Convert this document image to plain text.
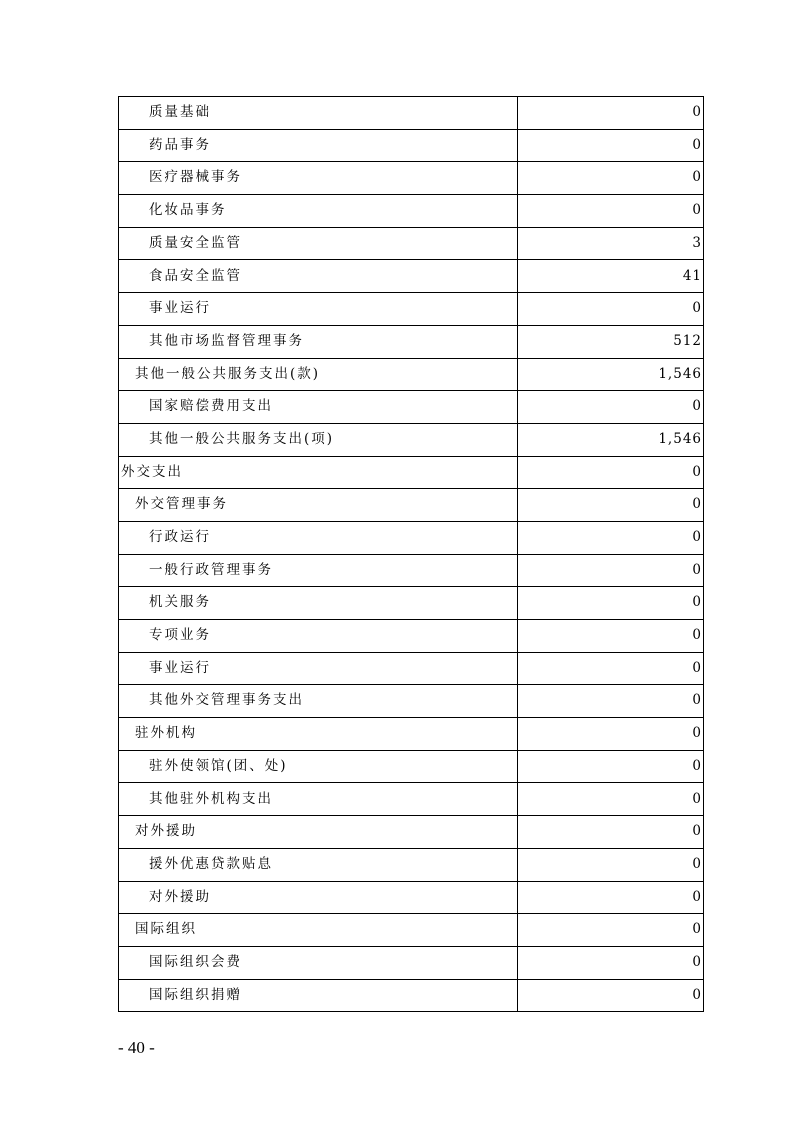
质量基础	0
药品事务	0
医疗器械事务	0
化妆品事务	0
质量安全监管	3
食品安全监管	41
事业运行	0
其他市场监督管理事务	512
其他一般公共服务支出(款)	1,546
国家赔偿费用支出	0
其他一般公共服务支出(项)	1,546
外交支出	0
外交管理事务	0
行政运行	0
一般行政管理事务	0
机关服务	0
专项业务	0
事业运行	0
其他外交管理事务支出	0
驻外机构	0
驻外使领馆(团、处)	0
其他驻外机构支出	0
对外援助	0
援外优惠贷款贴息	0
对外援助	0
国际组织	0
国际组织会费	0
国际组织捐赠	0
- 40 -
